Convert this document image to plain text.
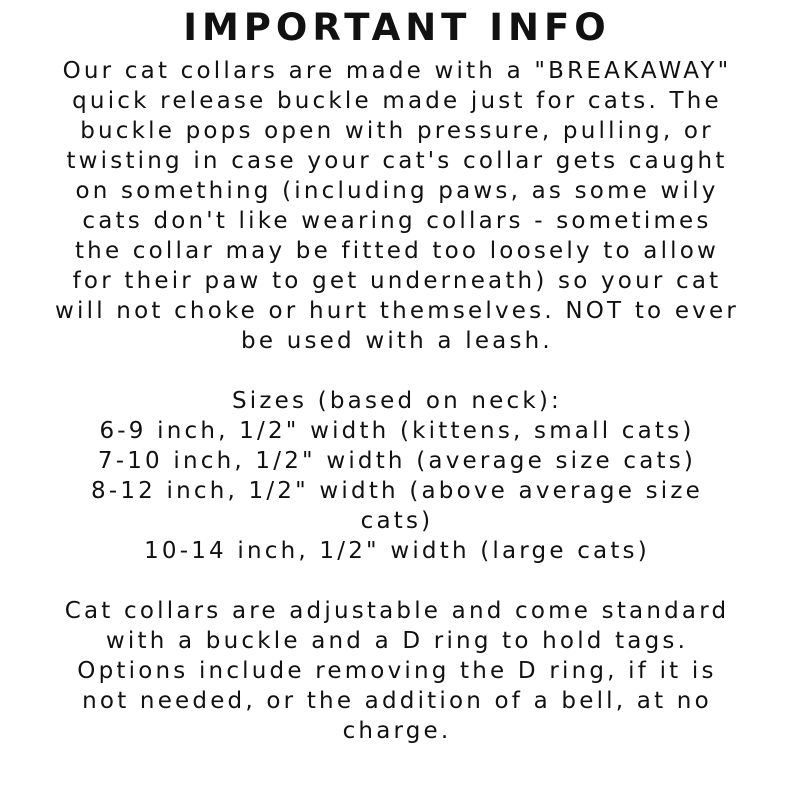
IMPORTANT INFO

Our cat collars are made with a "BREAKAWAY"
quick release buckle made just for cats. The
buckle pops open with pressure, pulling, or
twisting in case your cat's collar gets caught
on something (including paws, as some wily
cats don't like wearing collars - sometimes
the collar may be fitted too loosely to allow
for their paw to get underneath) so your cat
will not choke or hurt themselves. NOT to ever
be used with a leash.

Sizes (based on neck):
6-9 inch, 1/2" width (kittens, small cats)
7-10 inch, 1/2" width (average size cats)
8-12 inch, 1/2" width (above average size
cats)
10-14 inch, 1/2" width (large cats)

Cat collars are adjustable and come standard
with a buckle and a D ring to hold tags.
Options include removing the D ring, if it is
not needed, or the addition of a bell, at no
charge.
